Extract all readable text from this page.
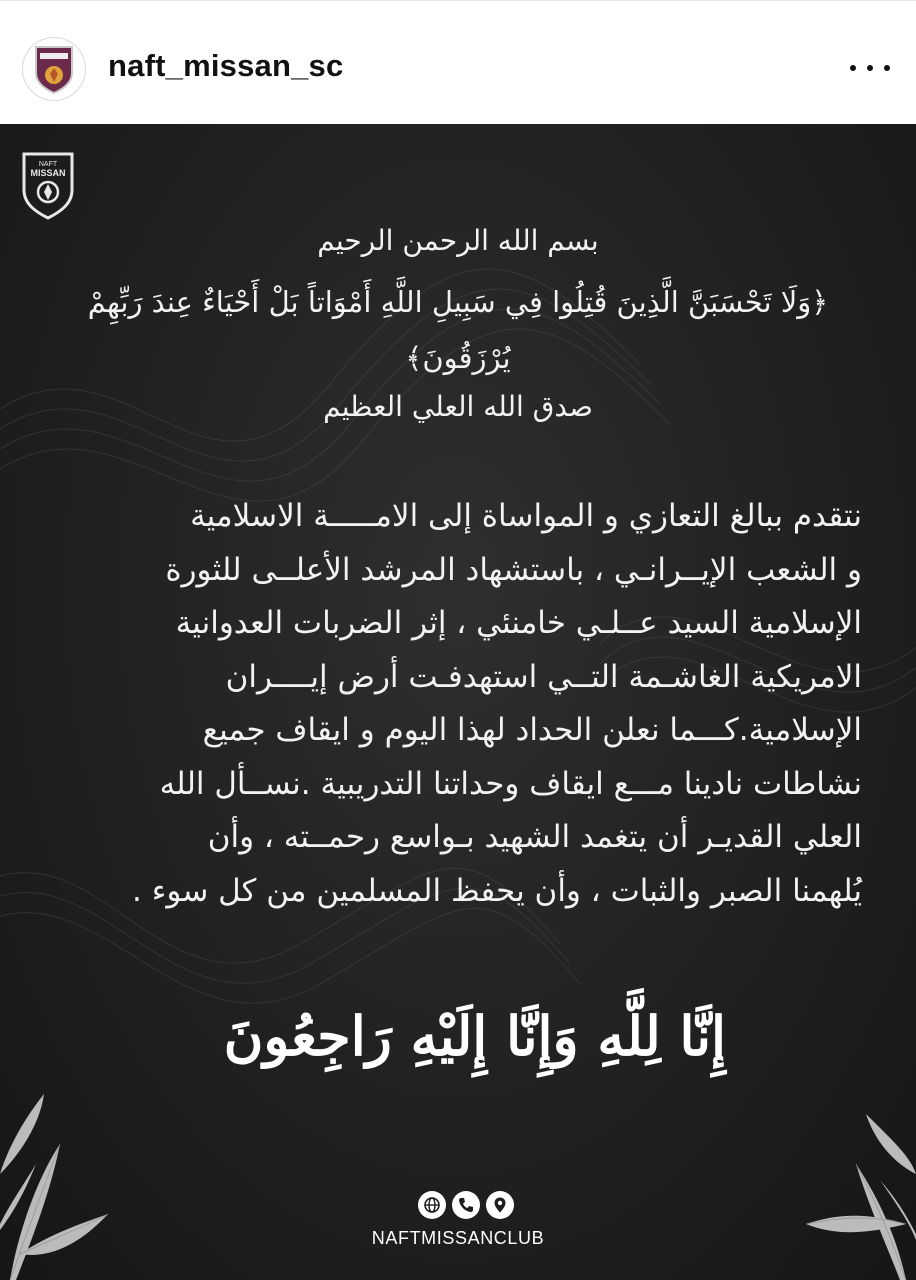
naft_missan_sc
NAFT
MISSAN
بسم الله الرحمن الرحيم
﴿وَلَا تَحْسَبَنَّ الَّذِينَ قُتِلُوا فِي سَبِيلِ اللَّهِ أَمْوَاتاً بَلْ أَحْيَاءٌ عِندَ رَبِّهِمْ يُرْزَقُونَ﴾
صدق الله العلي العظيم
نتقدم ببالغ التعازي و المواساة إلى الامـــــة الاسلامية
و الشعب الإيــرانـي ، باستشهاد المرشد الأعلــى للثورة
الإسلامية السيد عــلـي خامنئي ، إثر الضربات العدوانية
الامريكية الغاشـمة التــي استهدفـت أرض إيــــران
الإسلامية.كـــما نعلن الحداد لهذا اليوم و ايقاف جميع
نشاطات نادينا مـــع ايقاف وحداتنا التدريبية .نســأل الله
العلي القديـر أن يتغمد الشهيد بـواسع رحمــته ، وأن
يُلهمنا الصبر والثبات ، وأن يحفظ المسلمين من كل سوء .
إِنَّا لِلَّهِ وَإِنَّا إِلَيْهِ رَاجِعُونَ
NAFTMISSANCLUB
